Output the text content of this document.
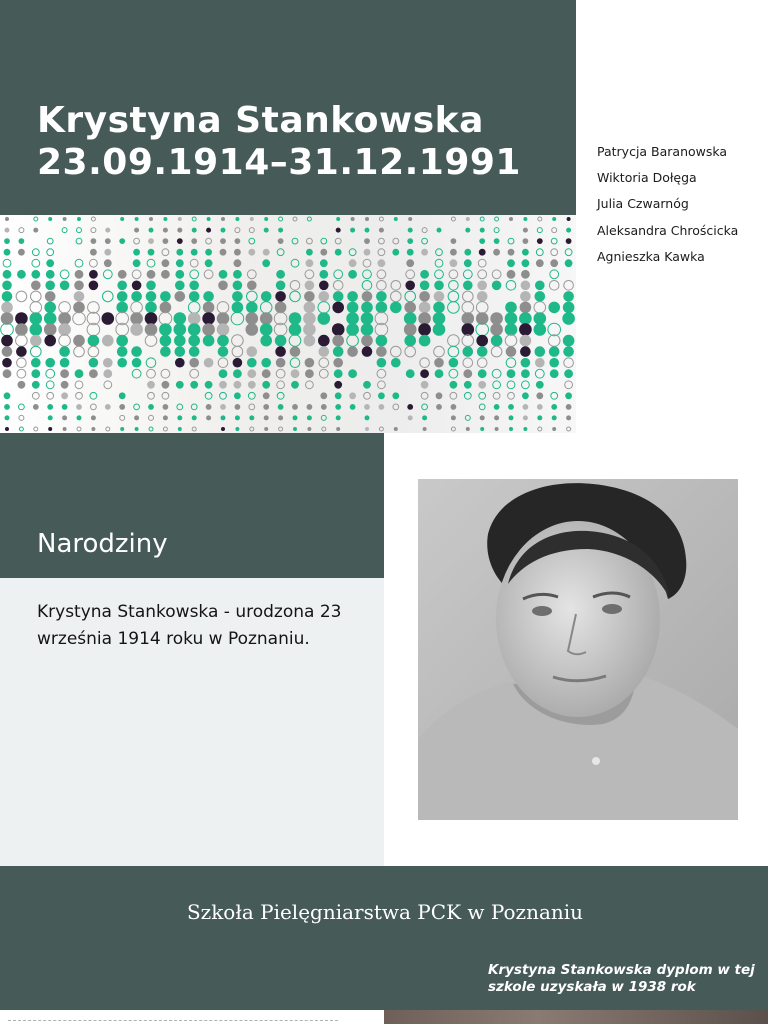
Krystyna Stankowska
23.09.1914–31.12.1991	Patrycja Baranowska
Wiktoria Dołęga
Julia Czwarnóg
Aleksandra Chrościcka
Agnieszka Kawka
Narodziny

Krystyna Stankowska - urodzona 23 września 1914 roku w Poznaniu.

Szkoła Pielęgniarstwa PCK w Poznaniu

Krystyna Stankowska dyplom w tej szkole uzyskała w 1938 rok
